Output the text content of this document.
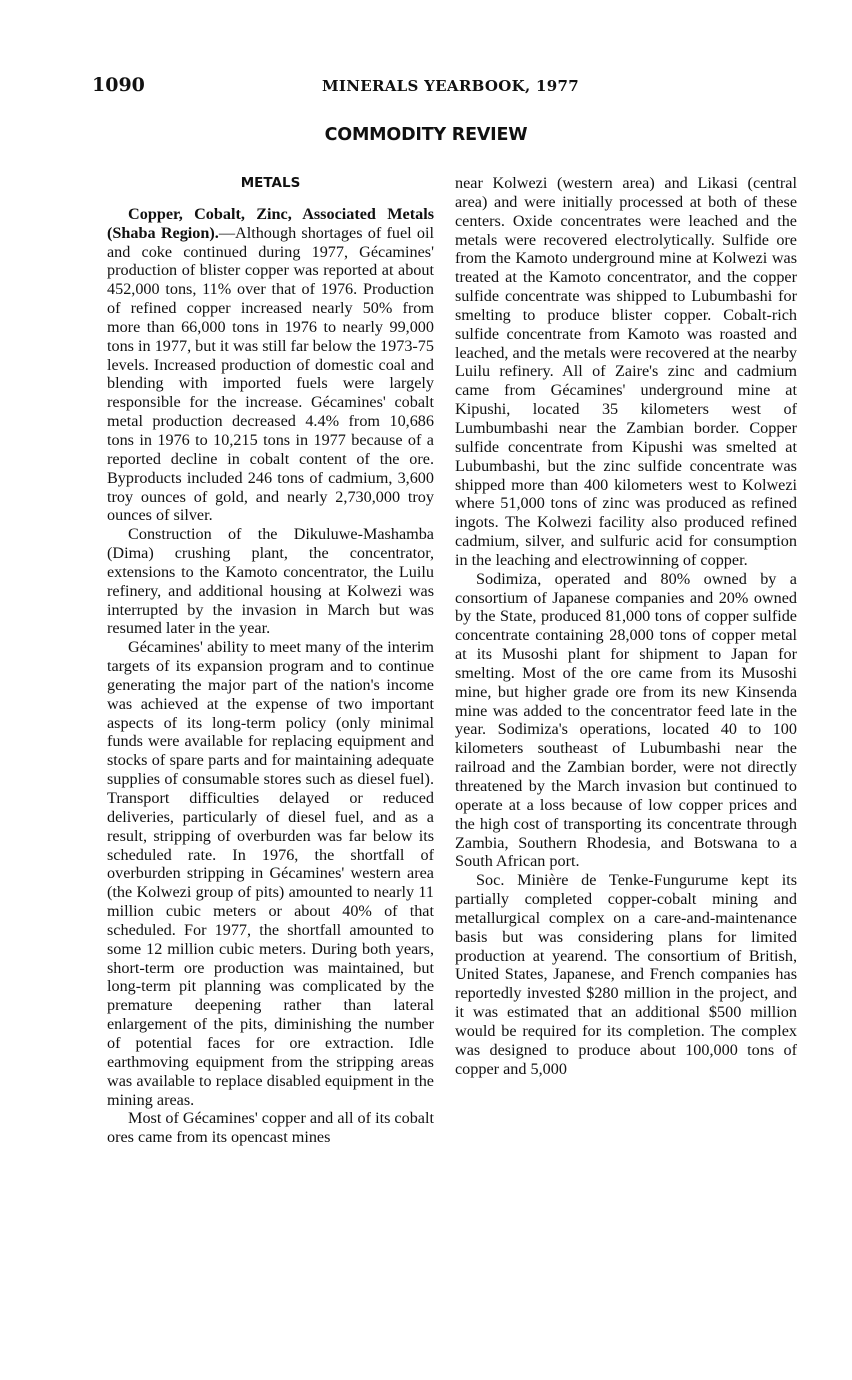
1090	MINERALS YEARBOOK, 1977
COMMODITY REVIEW
METALS

Copper, Cobalt, Zinc, Associated Metals (Shaba Region).—Although shortages of fuel oil and coke continued during 1977, Gécamines' production of blister copper was reported at about 452,000 tons, 11% over that of 1976. Production of refined copper increased nearly 50% from more than 66,000 tons in 1976 to nearly 99,000 tons in 1977, but it was still far below the 1973-75 levels. Increased production of domestic coal and blending with imported fuels were largely responsible for the increase. Gécamines' cobalt metal production decreased 4.4% from 10,686 tons in 1976 to 10,215 tons in 1977 because of a reported decline in cobalt content of the ore. Byproducts included 246 tons of cadmium, 3,600 troy ounces of gold, and nearly 2,730,000 troy ounces of silver.

Construction of the Dikuluwe-Mashamba (Dima) crushing plant, the concentrator, extensions to the Kamoto concentrator, the Luilu refinery, and additional housing at Kolwezi was interrupted by the invasion in March but was resumed later in the year.

Gécamines' ability to meet many of the interim targets of its expansion program and to continue generating the major part of the nation's income was achieved at the expense of two important aspects of its long-term policy (only minimal funds were available for replacing equipment and stocks of spare parts and for maintaining adequate supplies of consumable stores such as diesel fuel). Transport difficulties delayed or reduced deliveries, particularly of diesel fuel, and as a result, stripping of overburden was far below its scheduled rate. In 1976, the shortfall of overburden stripping in Gécamines' western area (the Kolwezi group of pits) amounted to nearly 11 million cubic meters or about 40% of that scheduled. For 1977, the shortfall amounted to some 12 million cubic meters. During both years, short-term ore production was maintained, but long-term pit planning was complicated by the premature deepening rather than lateral enlargement of the pits, diminishing the number of potential faces for ore extraction. Idle earthmoving equipment from the stripping areas was available to replace disabled equipment in the mining areas.

Most of Gécamines' copper and all of its cobalt ores came from its opencast mines

near Kolwezi (western area) and Likasi (central area) and were initially processed at both of these centers. Oxide concentrates were leached and the metals were recovered electrolytically. Sulfide ore from the Kamoto underground mine at Kolwezi was treated at the Kamoto concentrator, and the copper sulfide concentrate was shipped to Lubumbashi for smelting to produce blister copper. Cobalt-rich sulfide concentrate from Kamoto was roasted and leached, and the metals were recovered at the nearby Luilu refinery. All of Zaire's zinc and cadmium came from Gécamines' underground mine at Kipushi, located 35 kilometers west of Lumbumbashi near the Zambian border. Copper sulfide concentrate from Kipushi was smelted at Lubumbashi, but the zinc sulfide concentrate was shipped more than 400 kilometers west to Kolwezi where 51,000 tons of zinc was produced as refined ingots. The Kolwezi facility also produced refined cadmium, silver, and sulfuric acid for consumption in the leaching and electrowinning of copper.

Sodimiza, operated and 80% owned by a consortium of Japanese companies and 20% owned by the State, produced 81,000 tons of copper sulfide concentrate containing 28,000 tons of copper metal at its Musoshi plant for shipment to Japan for smelting. Most of the ore came from its Musoshi mine, but higher grade ore from its new Kinsenda mine was added to the concentrator feed late in the year. Sodimiza's operations, located 40 to 100 kilometers southeast of Lubumbashi near the railroad and the Zambian border, were not directly threatened by the March invasion but continued to operate at a loss because of low copper prices and the high cost of transporting its concentrate through Zambia, Southern Rhodesia, and Botswana to a South African port.

Soc. Minière de Tenke-Fungurume kept its partially completed copper-cobalt mining and metallurgical complex on a care-and-maintenance basis but was considering plans for limited production at yearend. The consortium of British, United States, Japanese, and French companies has reportedly invested $280 million in the project, and it was estimated that an additional $500 million would be required for its completion. The complex was designed to produce about 100,000 tons of copper and 5,000
